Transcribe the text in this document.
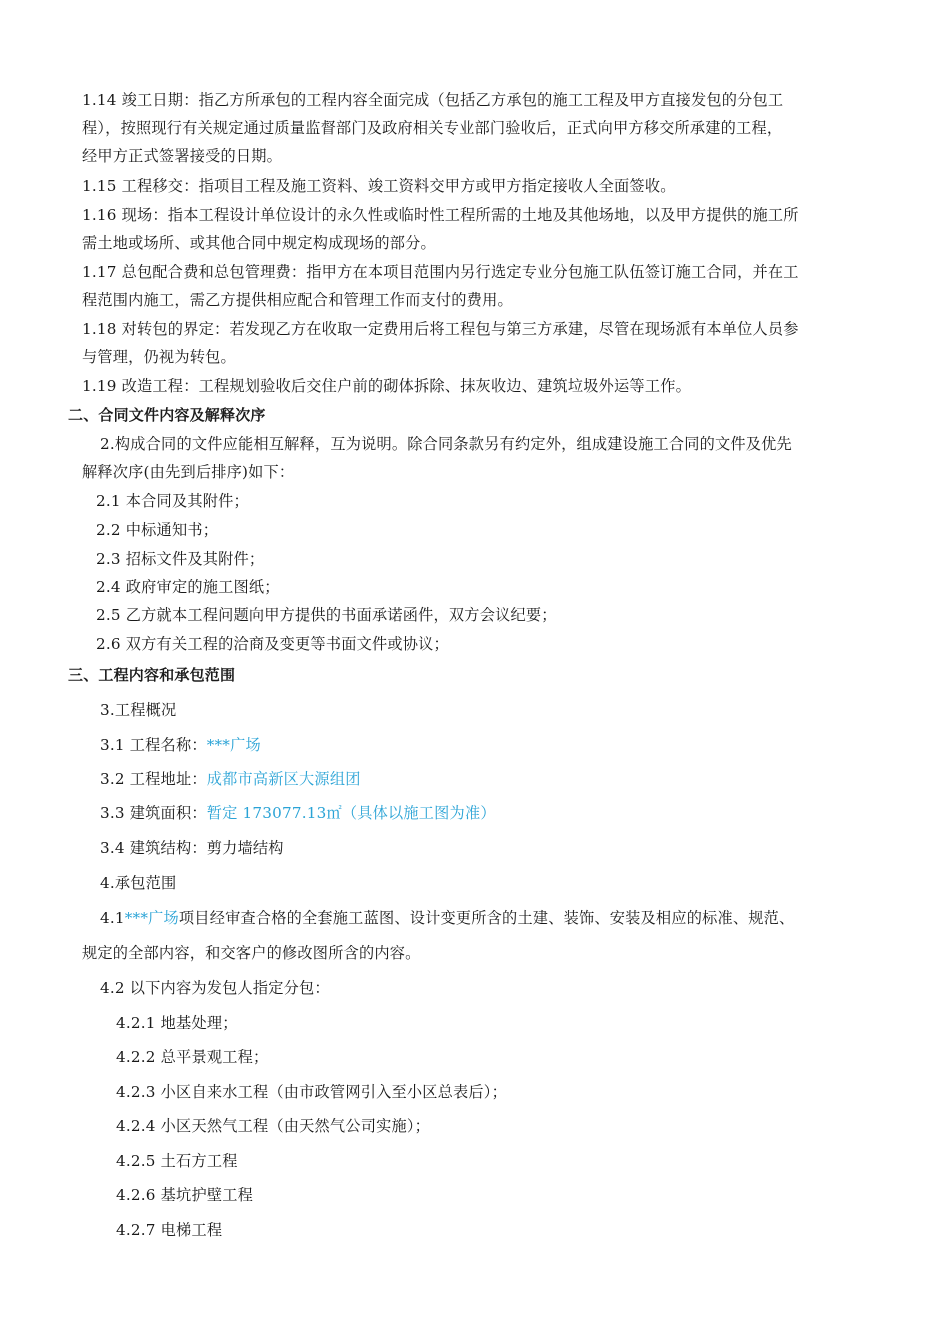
1.14 竣工日期：指乙方所承包的工程内容全面完成（包括乙方承包的施工工程及甲方直接发包的分包工
程），按照现行有关规定通过质量监督部门及政府相关专业部门验收后，正式向甲方移交所承建的工程，
经甲方正式签署接受的日期。
1.15 工程移交：指项目工程及施工资料、竣工资料交甲方或甲方指定接收人全面签收。
1.16 现场：指本工程设计单位设计的永久性或临时性工程所需的土地及其他场地，以及甲方提供的施工所
需土地或场所、或其他合同中规定构成现场的部分。
1.17 总包配合费和总包管理费：指甲方在本项目范围内另行选定专业分包施工队伍签订施工合同，并在工
程范围内施工，需乙方提供相应配合和管理工作而支付的费用。
1.18 对转包的界定：若发现乙方在收取一定费用后将工程包与第三方承建，尽管在现场派有本单位人员参
与管理，仍视为转包。
1.19 改造工程：工程规划验收后交住户前的砌体拆除、抹灰收边、建筑垃圾外运等工作。
二、合同文件内容及解释次序
2.构成合同的文件应能相互解释，互为说明。除合同条款另有约定外，组成建设施工合同的文件及优先
解释次序(由先到后排序)如下：
2.1 本合同及其附件；
2.2 中标通知书；
2.3 招标文件及其附件；
2.4 政府审定的施工图纸；
2.5 乙方就本工程问题向甲方提供的书面承诺函件，双方会议纪要；
2.6 双方有关工程的洽商及变更等书面文件或协议；
三、工程内容和承包范围
3.工程概况
3.1 工程名称：***广场
3.2 工程地址：成都市高新区大源组团
3.3 建筑面积：暂定 173077.13㎡（具体以施工图为准）
3.4 建筑结构：剪力墙结构
4.承包范围
4.1***广场项目经审查合格的全套施工蓝图、设计变更所含的土建、装饰、安装及相应的标准、规范、
规定的全部内容，和交客户的修改图所含的内容。
4.2 以下内容为发包人指定分包：
4.2.1 地基处理；
4.2.2 总平景观工程；
4.2.3 小区自来水工程（由市政管网引入至小区总表后）；
4.2.4 小区天然气工程（由天然气公司实施）；
4.2.5 土石方工程
4.2.6 基坑护壁工程
4.2.7 电梯工程
